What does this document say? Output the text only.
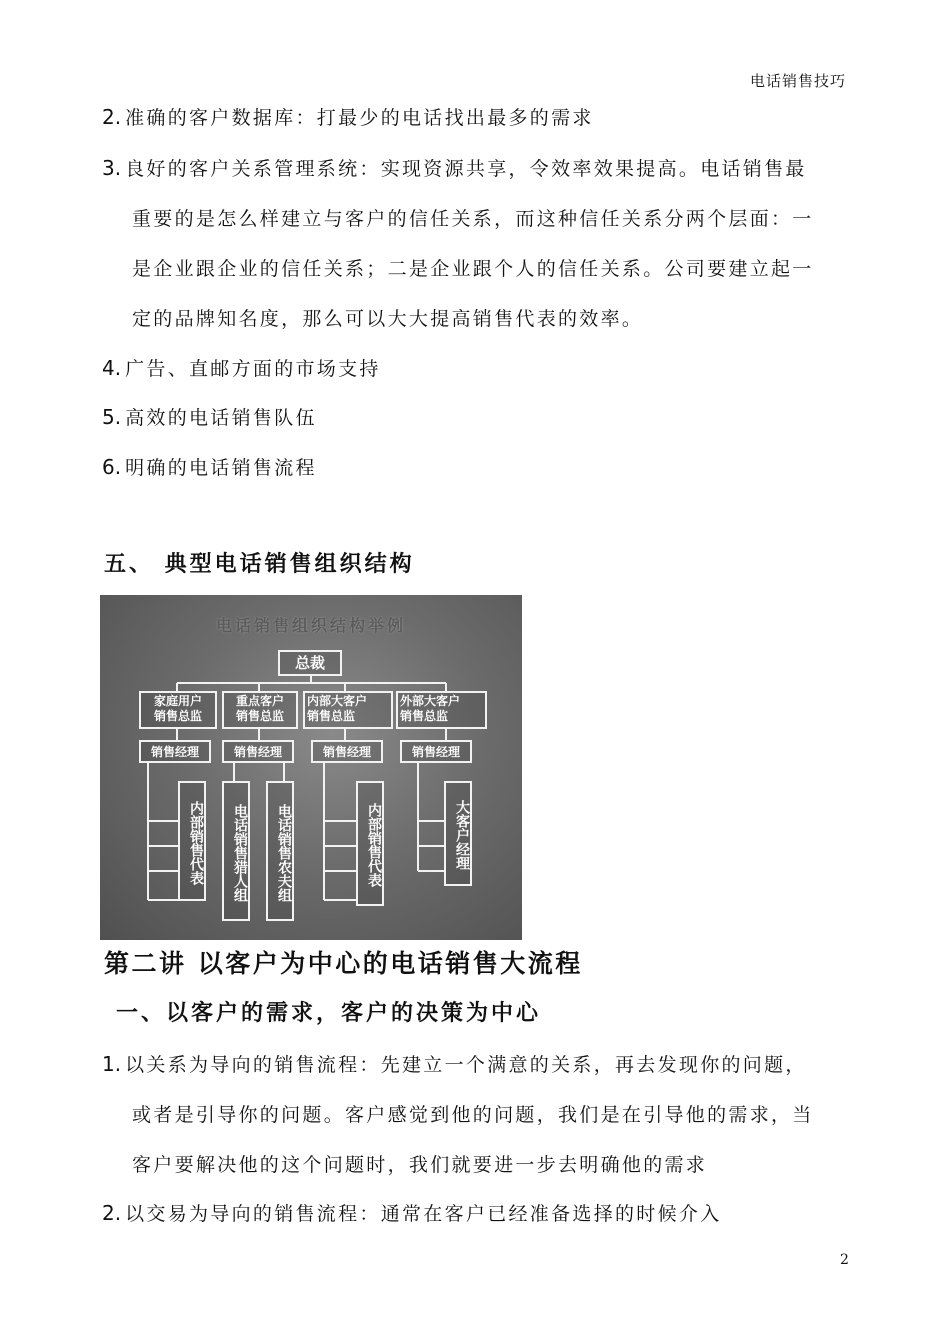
电话销售技巧
2. 准确的客户数据库：打最少的电话找出最多的需求
3. 良好的客户关系管理系统：实现资源共享，令效率效果提高。电话销售最
重要的是怎么样建立与客户的信任关系，而这种信任关系分两个层面：一
是企业跟企业的信任关系；二是企业跟个人的信任关系。公司要建立起一
定的品牌知名度，那么可以大大提高销售代表的效率。
4. 广告、直邮方面的市场支持
5. 高效的电话销售队伍
6. 明确的电话销售流程
五、 典型电话销售组织结构
电话销售组织结构举例
总裁
家庭用户
销售总监
重点客户
销售总监
内部大客户
销售总监
外部大客户
销售总监
销售经理	销售经理	销售经理	销售经理
内部销售代表	电话销售猎人组	电话销售农夫组	内部销售代表	大客户经理
第二讲 以客户为中心的电话销售大流程
一、以客户的需求，客户的决策为中心
1. 以关系为导向的销售流程：先建立一个满意的关系，再去发现你的问题，
或者是引导你的问题。客户感觉到他的问题，我们是在引导他的需求，当
客户要解决他的这个问题时，我们就要进一步去明确他的需求
2. 以交易为导向的销售流程：通常在客户已经准备选择的时候介入
2
